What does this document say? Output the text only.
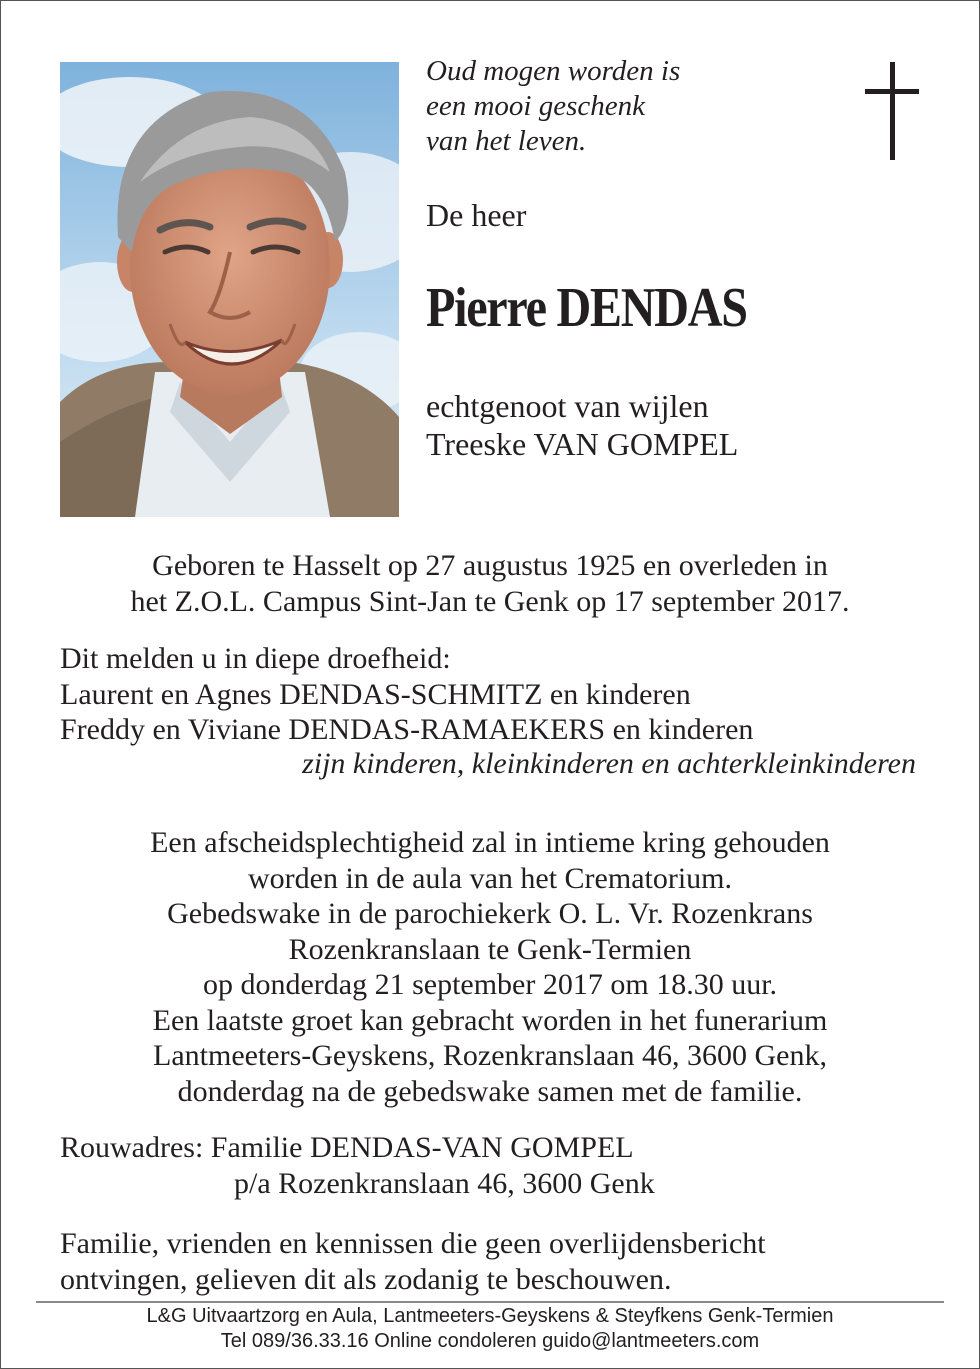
Oud mogen worden is
een mooi geschenk
van het leven.
De heer
Pierre DENDAS
echtgenoot van wijlen
Treeske VAN GOMPEL
Geboren te Hasselt op 27 augustus 1925 en overleden in
het Z.O.L. Campus Sint-Jan te Genk op 17 september 2017.
Dit melden u in diepe droefheid:
Laurent en Agnes DENDAS-SCHMITZ en kinderen
Freddy en Viviane DENDAS-RAMAEKERS en kinderen
zijn kinderen, kleinkinderen en achterkleinkinderen
Een afscheidsplechtigheid zal in intieme kring gehouden
worden in de aula van het Crematorium.
Gebedswake in de parochiekerk O. L. Vr. Rozenkrans
Rozenkranslaan te Genk-Termien
op donderdag 21 september 2017 om 18.30 uur.
Een laatste groet kan gebracht worden in het funerarium
Lantmeeters-Geyskens, Rozenkranslaan 46, 3600 Genk,
donderdag na de gebedswake samen met de familie.
Rouwadres: Familie DENDAS-VAN GOMPEL
p/a Rozenkranslaan 46, 3600 Genk
Familie, vrienden en kennissen die geen overlijdensbericht
ontvingen, gelieven dit als zodanig te beschouwen.
L&G Uitvaartzorg en Aula, Lantmeeters-Geyskens & Steyfkens Genk-Termien
Tel 089/36.33.16 Online condoleren guido@lantmeeters.com
